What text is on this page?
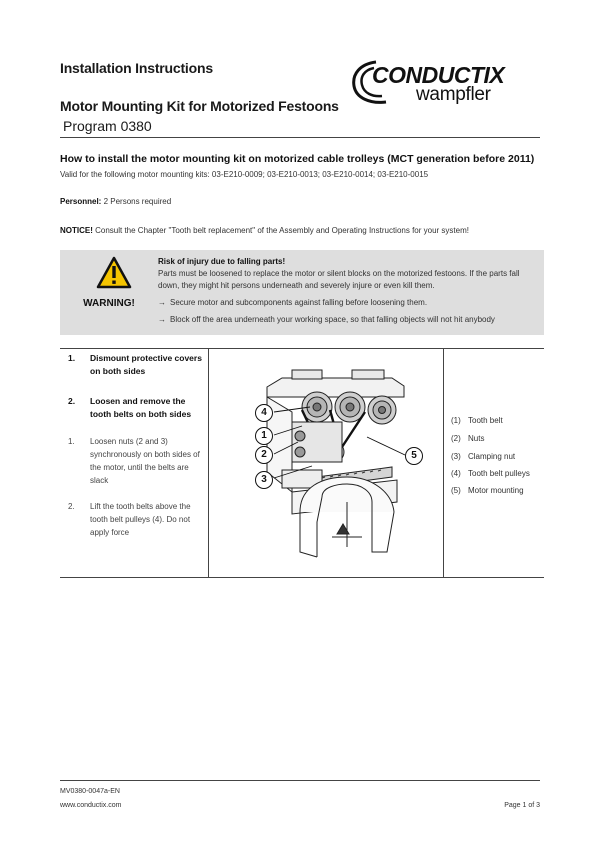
Installation Instructions
Motor Mounting Kit for Motorized Festoons
Program 0380
CONDUCTIX
wampfler
How to install the motor mounting kit on motorized cable trolleys (MCT generation before 2011)
Valid for the following motor mounting kits: 03-E210-0009; 03-E210-0013; 03-E210-0014; 03-E210-0015
Personnel: 2 Persons required
NOTICE! Consult the Chapter "Tooth belt replacement" of the Assembly and Operating Instructions for your system!
WARNING!
Risk of injury due to falling parts!
Parts must be loosened to replace the motor or silent blocks on the motorized festoons. If the parts fall down, they might hit persons underneath and severely injure or even kill them.
→ Secure motor and subcomponents against falling before loosening them.
→ Block off the area underneath your working space, so that falling objects will not hit anybody
1. Dismount protective covers on both sides
2. Loosen and remove the tooth belts on both sides
1. Loosen nuts (2 and 3) synchronously on both sides of the motor, until the belts are slack
2. Lift the tooth belts above the tooth belt pulleys (4). Do not apply force
4
1
2
3
5
(1) Tooth belt
(2) Nuts
(3) Clamping nut
(4) Tooth belt pulleys
(5) Motor mounting
MV0380-0047a-EN
www.conductix.com	Page 1 of 3
